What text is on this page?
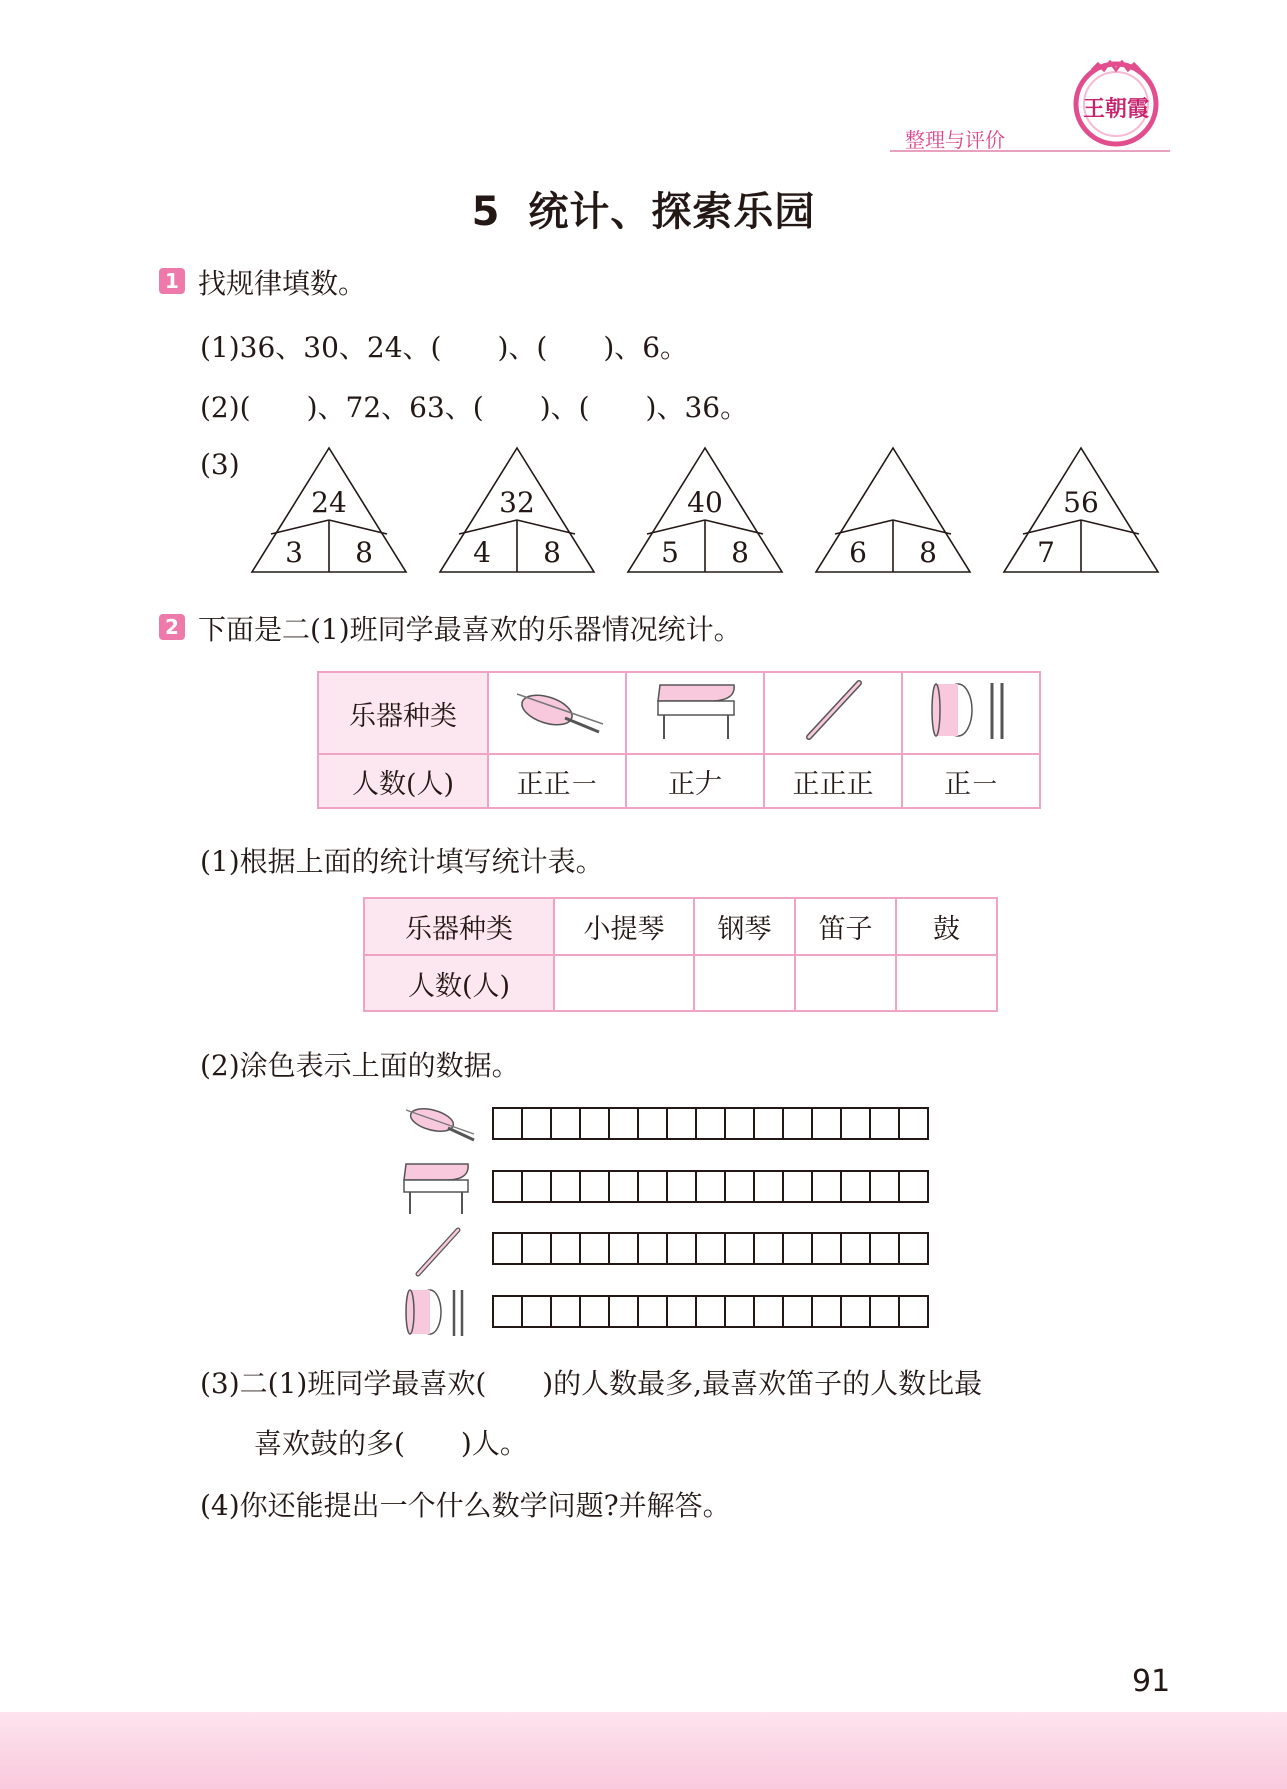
整理与评价
王朝霞
5 统计、探索乐园
1 找规律填数。
(1)36、30、24、(　　)、(　　)、6。
(2)(　　)、72、63、(　　)、(　　)、36。
(3)
24
3 8
32
4 8
40
5 8	6 8
56
7
2 下面是二(1)班同学最喜欢的乐器情况统计。
乐器种类				
人数(人)	正正㇐	正𠂇	正正正	正㇐
(1)根据上面的统计填写统计表。
乐器种类	小提琴	钢琴	笛子	鼓
人数(人)				
(2)涂色表示上面的数据。
(3)二(1)班同学最喜欢(　　)的人数最多,最喜欢笛子的人数比最
喜欢鼓的多(　　)人。
(4)你还能提出一个什么数学问题?并解答。
91
